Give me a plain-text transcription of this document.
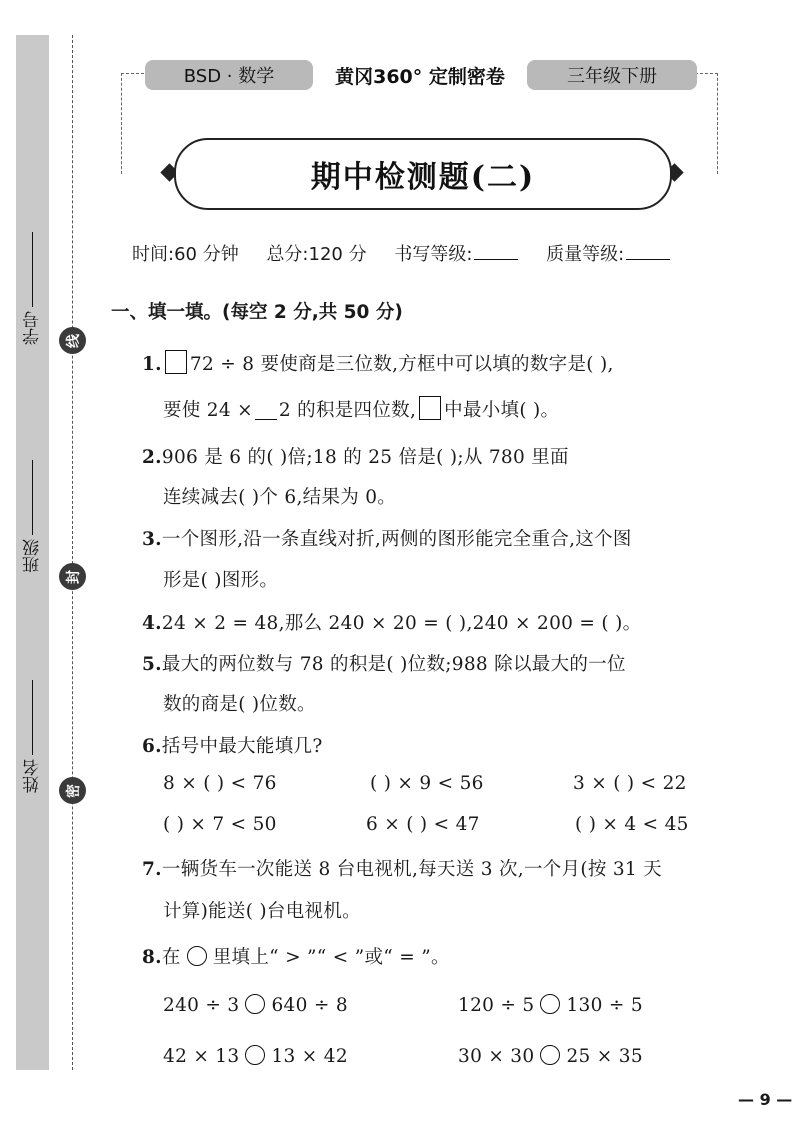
学号
班级
姓名
线
封
密
BSD · 数学	黄冈360° 定制密卷	三年级下册
期中检测题(二)
时间:60 分钟 总分:120 分 书写等级:	质量等级:
一、填一填。(每空 2 分,共 50 分)
1. 72 ÷ 8 要使商是三位数,方框中可以填的数字是( ),
要使 24 × 2 的积是四位数, 中最小填( )。
2.906 是 6 的( )倍;18 的 25 倍是( );从 780 里面
连续减去( )个 6,结果为 0。
3.一个图形,沿一条直线对折,两侧的图形能完全重合,这个图
形是( )图形。
4.24 × 2 = 48,那么 240 × 20 = ( ),240 × 200 = ( )。
5.最大的两位数与 78 的积是( )位数;988 除以最大的一位
数的商是( )位数。
6.括号中最大能填几?
8 × ( ) < 76	( ) × 9 < 56	3 × ( ) < 22
( ) × 7 < 50	6 × ( ) < 47	( ) × 4 < 45
7.一辆货车一次能送 8 台电视机,每天送 3 次,一个月(按 31 天
计算)能送( )台电视机。
8.在 里填上“ > ”“ < ”或“ = ”。
240 ÷ 3 640 ÷ 8	120 ÷ 5 130 ÷ 5
42 × 13 13 × 42	30 × 30 25 × 35
— 9 —
